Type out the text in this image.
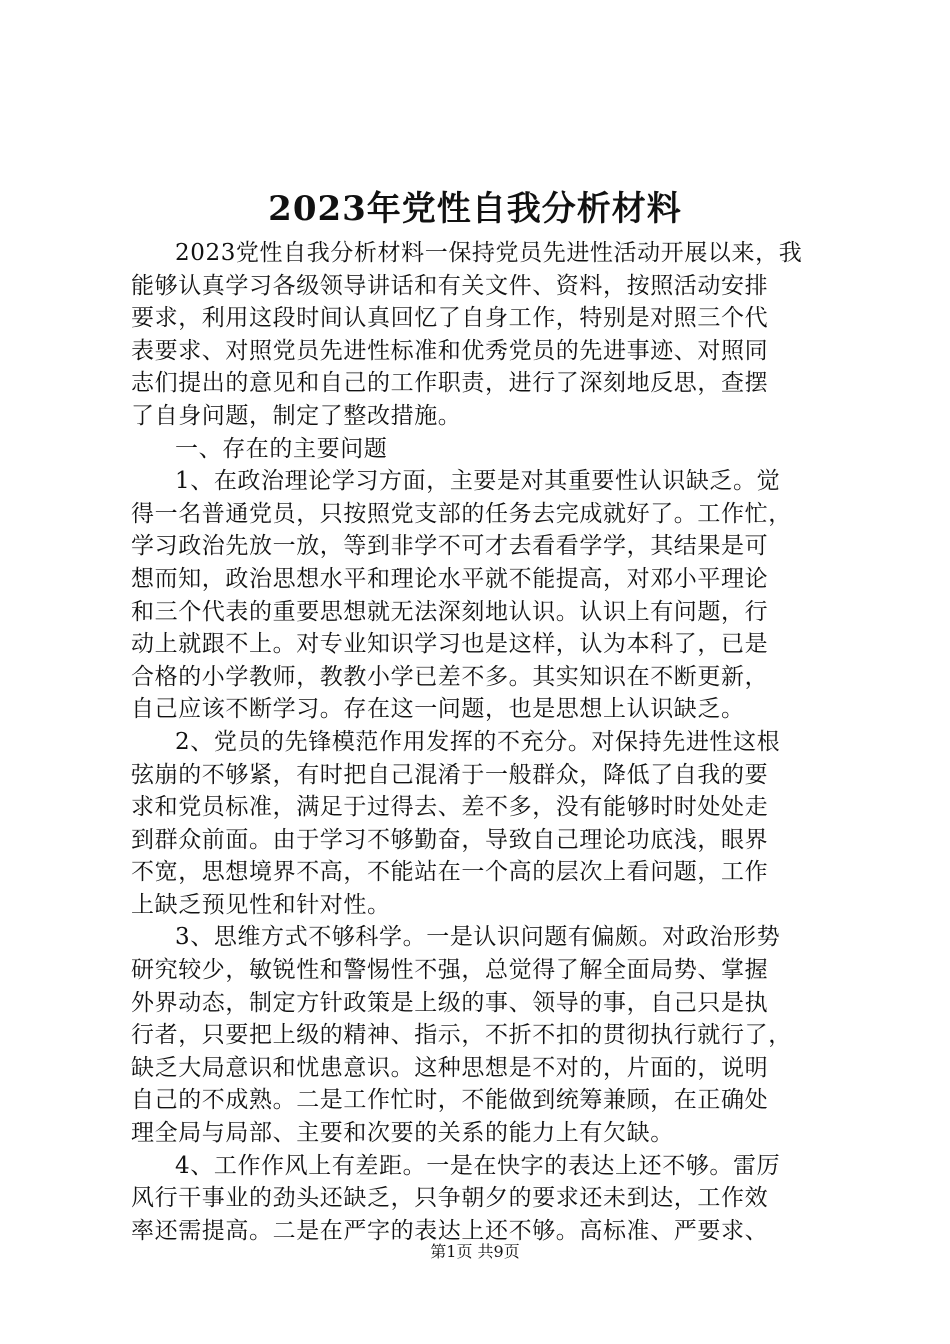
2023年党性自我分析材料
2023党性自我分析材料一保持党员先进性活动开展以来，我
能够认真学习各级领导讲话和有关文件、资料，按照活动安排
要求，利用这段时间认真回忆了自身工作，特别是对照三个代
表要求、对照党员先进性标准和优秀党员的先进事迹、对照同
志们提出的意见和自己的工作职责，进行了深刻地反思，查摆
了自身问题，制定了整改措施。
一、存在的主要问题
1、在政治理论学习方面，主要是对其重要性认识缺乏。觉
得一名普通党员，只按照党支部的任务去完成就好了。工作忙，
学习政治先放一放，等到非学不可才去看看学学，其结果是可
想而知，政治思想水平和理论水平就不能提高，对邓小平理论
和三个代表的重要思想就无法深刻地认识。认识上有问题，行
动上就跟不上。对专业知识学习也是这样，认为本科了，已是
合格的小学教师，教教小学已差不多。其实知识在不断更新，
自己应该不断学习。存在这一问题，也是思想上认识缺乏。
2、党员的先锋模范作用发挥的不充分。对保持先进性这根
弦崩的不够紧，有时把自己混淆于一般群众，降低了自我的要
求和党员标准，满足于过得去、差不多，没有能够时时处处走
到群众前面。由于学习不够勤奋，导致自己理论功底浅，眼界
不宽，思想境界不高，不能站在一个高的层次上看问题，工作
上缺乏预见性和针对性。
3、思维方式不够科学。一是认识问题有偏颇。对政治形势
研究较少，敏锐性和警惕性不强，总觉得了解全面局势、掌握
外界动态，制定方针政策是上级的事、领导的事，自己只是执
行者，只要把上级的精神、指示，不折不扣的贯彻执行就行了，
缺乏大局意识和忧患意识。这种思想是不对的，片面的，说明
自己的不成熟。二是工作忙时，不能做到统筹兼顾，在正确处
理全局与局部、主要和次要的关系的能力上有欠缺。
4、工作作风上有差距。一是在快字的表达上还不够。雷厉
风行干事业的劲头还缺乏，只争朝夕的要求还未到达，工作效
率还需提高。二是在严字的表达上还不够。高标准、严要求、
第1页 共9页
